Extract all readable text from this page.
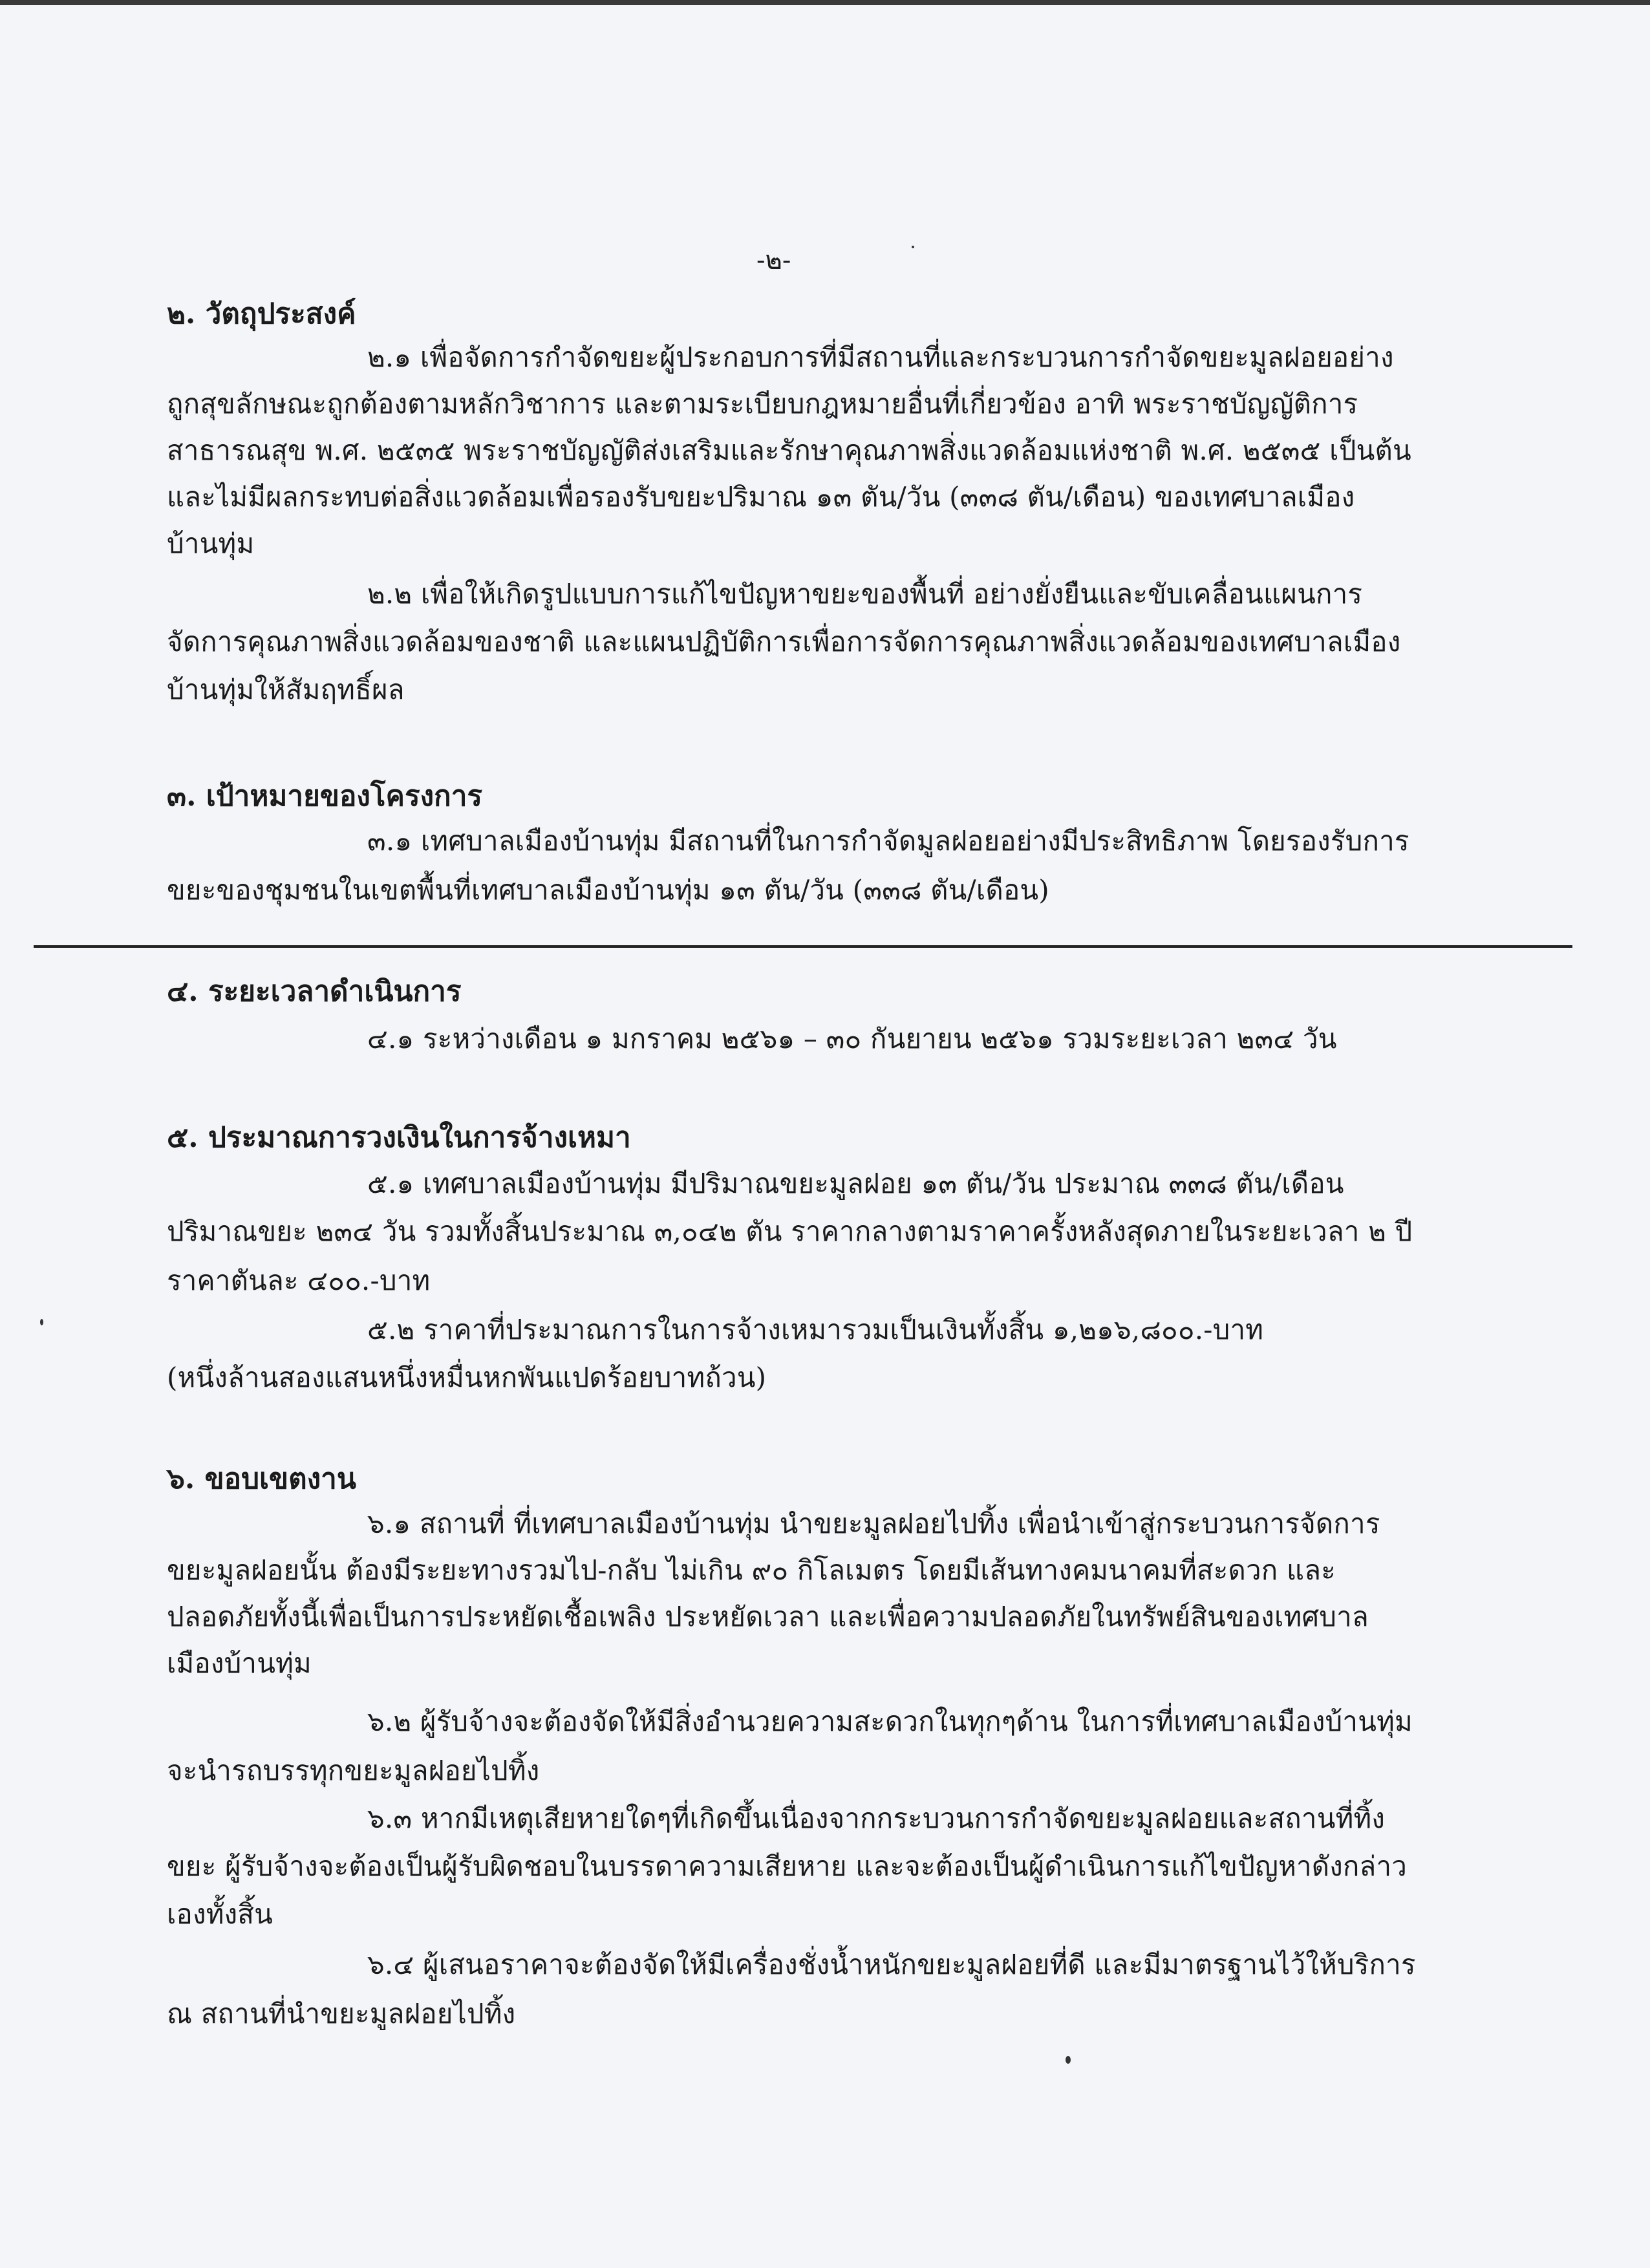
-๒-
๒. วัตถุประสงค์
๒.๑ เพื่อจัดการกำจัดขยะผู้ประกอบการที่มีสถานที่และกระบวนการกำจัดขยะมูลฝอยอย่าง
ถูกสุขลักษณะถูกต้องตามหลักวิชาการ และตามระเบียบกฎหมายอื่นที่เกี่ยวข้อง อาทิ พระราชบัญญัติการ
สาธารณสุข พ.ศ. ๒๕๓๕ พระราชบัญญัติส่งเสริมและรักษาคุณภาพสิ่งแวดล้อมแห่งชาติ พ.ศ. ๒๕๓๕ เป็นต้น
และไม่มีผลกระทบต่อสิ่งแวดล้อมเพื่อรองรับขยะปริมาณ ๑๓ ตัน/วัน (๓๓๘ ตัน/เดือน) ของเทศบาลเมือง
บ้านทุ่ม
๒.๒ เพื่อให้เกิดรูปแบบการแก้ไขปัญหาขยะของพื้นที่ อย่างยั่งยืนและขับเคลื่อนแผนการ
จัดการคุณภาพสิ่งแวดล้อมของชาติ และแผนปฏิบัติการเพื่อการจัดการคุณภาพสิ่งแวดล้อมของเทศบาลเมือง
บ้านทุ่มให้สัมฤทธิ์ผล
๓. เป้าหมายของโครงการ
๓.๑ เทศบาลเมืองบ้านทุ่ม มีสถานที่ในการกำจัดมูลฝอยอย่างมีประสิทธิภาพ โดยรองรับการ
ขยะของชุมชนในเขตพื้นที่เทศบาลเมืองบ้านทุ่ม ๑๓ ตัน/วัน (๓๓๘ ตัน/เดือน)
๔. ระยะเวลาดำเนินการ
๔.๑ ระหว่างเดือน ๑ มกราคม ๒๕๖๑ – ๓๐ กันยายน ๒๕๖๑ รวมระยะเวลา ๒๓๔ วัน
๕. ประมาณการวงเงินในการจ้างเหมา
๕.๑ เทศบาลเมืองบ้านทุ่ม มีปริมาณขยะมูลฝอย ๑๓ ตัน/วัน ประมาณ ๓๓๘ ตัน/เดือน
ปริมาณขยะ ๒๓๔ วัน รวมทั้งสิ้นประมาณ ๓,๐๔๒ ตัน ราคากลางตามราคาครั้งหลังสุดภายในระยะเวลา ๒ ปี
ราคาตันละ ๔๐๐.-บาท
๕.๒ ราคาที่ประมาณการในการจ้างเหมารวมเป็นเงินทั้งสิ้น ๑,๒๑๖,๘๐๐.-บาท
(หนึ่งล้านสองแสนหนึ่งหมื่นหกพันแปดร้อยบาทถ้วน)
๖. ขอบเขตงาน
๖.๑ สถานที่ ที่เทศบาลเมืองบ้านทุ่ม นำขยะมูลฝอยไปทิ้ง เพื่อนำเข้าสู่กระบวนการจัดการ
ขยะมูลฝอยนั้น ต้องมีระยะทางรวมไป-กลับ ไม่เกิน ๙๐ กิโลเมตร โดยมีเส้นทางคมนาคมที่สะดวก และ
ปลอดภัยทั้งนี้เพื่อเป็นการประหยัดเชื้อเพลิง ประหยัดเวลา และเพื่อความปลอดภัยในทรัพย์สินของเทศบาล
เมืองบ้านทุ่ม
๖.๒ ผู้รับจ้างจะต้องจัดให้มีสิ่งอำนวยความสะดวกในทุกๆด้าน ในการที่เทศบาลเมืองบ้านทุ่ม
จะนำรถบรรทุกขยะมูลฝอยไปทิ้ง
๖.๓ หากมีเหตุเสียหายใดๆที่เกิดขึ้นเนื่องจากกระบวนการกำจัดขยะมูลฝอยและสถานที่ทิ้ง
ขยะ ผู้รับจ้างจะต้องเป็นผู้รับผิดชอบในบรรดาความเสียหาย และจะต้องเป็นผู้ดำเนินการแก้ไขปัญหาดังกล่าว
เองทั้งสิ้น
๖.๔ ผู้เสนอราคาจะต้องจัดให้มีเครื่องชั่งน้ำหนักขยะมูลฝอยที่ดี และมีมาตรฐานไว้ให้บริการ
ณ สถานที่นำขยะมูลฝอยไปทิ้ง
